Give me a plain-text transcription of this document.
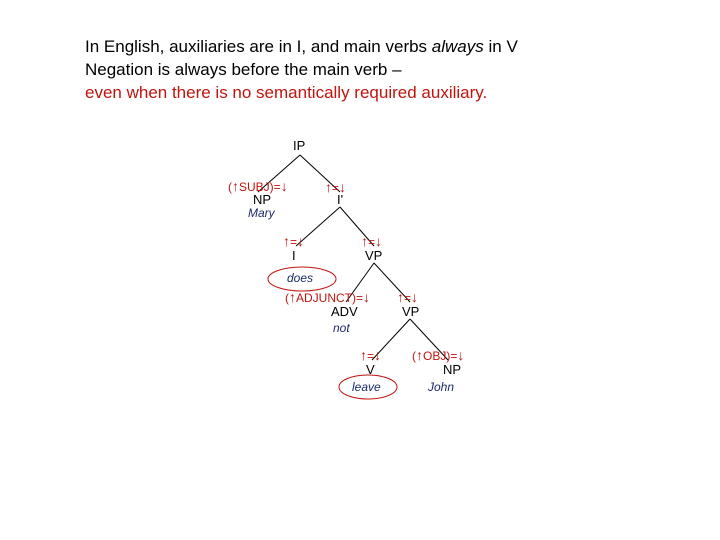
In English, auxiliaries are in I, and main verbs always in V
Negation is always before the main verb –
even when there is no semantically required auxiliary.
IP
(↑SUBJ)=↓
NP
Mary
↑=↓
I'
↑=↓
I
does
↑=↓
VP
(↑ADJUNCT)=↓
ADV
not
↑=↓
VP
↑=↓
V
leave
(↑OBJ)=↓
NP
John
